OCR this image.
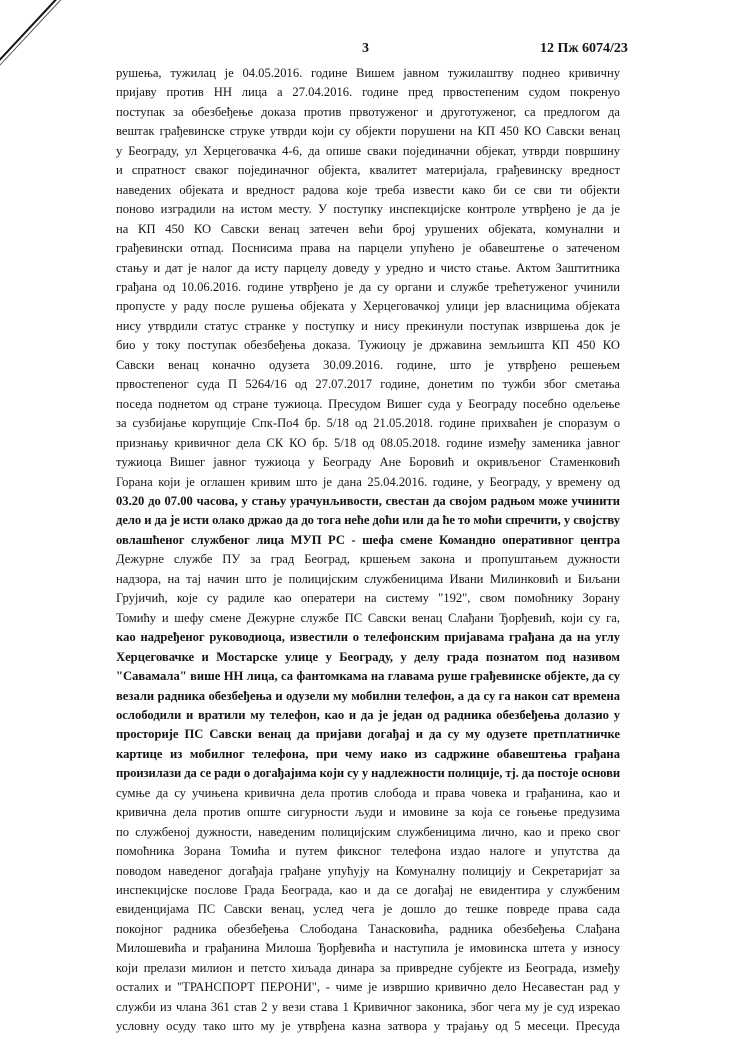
3	12 Пж 6074/23
рушења, тужилац је 04.05.2016. године Вишем јавном тужилаштву поднео кривичну
пријаву против НН лица а 27.04.2016. године пред првостепеним судом покренуо
поступак за обезбеђење доказа против првотуженог и друготуженог, са предлогом да
вештак грађевинске струке утврди који су објекти порушени на КП 450 КО Савски венац
у Београду, ул Херцеговачка 4-6, да опише сваки појединачни објекат, утврди површину
и спратност сваког појединачног објекта, квалитет материјала, грађевинску вредност
наведених објеката и вредност радова које треба извести како би се сви ти објекти
поново изградили на истом месту. У поступку инспекцијске контроле утврђено је да је
на КП 450 КО Савски венац затечен већи број урушених објеката, комунални и
грађевински отпад. Поснисима права на парцели упућено је обавештење о затеченом
стању и дат је налог да исту парцелу доведу у уредно и чисто стање. Актом Заштитника
грађана од 10.06.2016. године утврђено је да су органи и службе трећетуженог учинили
пропусте у раду после рушења објеката у Херцеговачкој улици јер власницима објеката
нису утврдили статус странке у поступку и нису прекинули поступак извршења док је
био у току поступак обезбеђења доказа. Тужиоцу је државина земљишта КП 450 КО
Савски венац коначно одузета 30.09.2016. године, што је утврђено решењем
првостепеног суда П 5264/16 од 27.07.2017 године, донетим по тужби због сметања
поседа поднетом од стране тужиоца. Пресудом Вишег суда у Београду посебно одељење
за сузбијање корупције Спк-По4 бр. 5/18 од 21.05.2018. године прихваћен је споразум о
признању кривичног дела СК КО бр. 5/18 од 08.05.2018. године између заменика јавног
тужиоца Вишег јавног тужиоца у Београду Ане Боровић и окривљеног Стаменковић
Горана који је оглашен кривим што је дана 25.04.2016. године, у Београду, у времену од
03.20 до 07.00 часова, у стању урачунљивости, свестан да својом радњом може учинити
дело и да је исти олако држао да до тога неће доћи или да ће то моћи спречити, у својству
овлашћеног службеног лица МУП РС - шефа смене Командно оперативног центра
Дежурне службе ПУ за град Београд, кршењем закона и пропуштањем дужности
надзора, на тај начин што је полицијским службеницима Ивани Милинковић и Биљани
Грујичић, које су радиле као оператери на систему "192", свом помоћнику Зорану
Томићу и шефу смене Дежурне службе ПС Савски венац Слађани Ђорђевић, који су га,
као надређеног руководиоца, известили о телефонским пријавама грађана да на углу
Херцеговачке и Мостарске улице у Београду, у делу града познатом под називом
"Савамала" више НН лица, са фантомкама на главама руше грађевинске објекте, да су
везали радника обезбеђења и одузели му мобилни телефон, а да су га након сат времена
ослободили и вратили му телефон, као и да је један од радника обезбеђења долазио у
просторије ПС Савски венац да пријави догађај и да су му одузете претплатничке
картице из мобилног телефона, при чему иако из садржине обавештења грађана
произилази да се ради о догађајима који су у надлежности полиције, тј. да постоје основи
сумње да су учињена кривична дела против слобода и права човека и грађанина, као и
кривична дела против опште сигурности људи и имовине за која се гоњење предузима
по службеној дужности, наведеним полицијским службеницима лично, као и преко свог
помоћника Зорана Томића и путем фиксног телефона издао налоге и упутства да
поводом наведеног догађаја грађане упућују на Комуналну полицију и Секретаријат за
инспекцијске послове Града Београда, као и да се догађај не евидентира у службеним
евиденцијама ПС Савски венац, услед чега је дошло до тешке повреде права сада
покојног радника обезбеђења Слободана Танасковића, радника обезбеђења Слађана
Милошевића и грађанина Милоша Ђорђевића и наступила је имовинска штета у износу
који прелази милион и петсто хиљада динара за привредне субјекте из Београда, између
осталих и "ТРАНСПОРТ ПЕРОНИ", - чиме је извршио кривично дело Несавестан рад у
служби из члана 361 став 2 у вези става 1 Кривичног законика, због чега му је суд изрекао
условну осуду тако што му је утврђена казна затвора у трајању од 5 месеци. Пресуда
